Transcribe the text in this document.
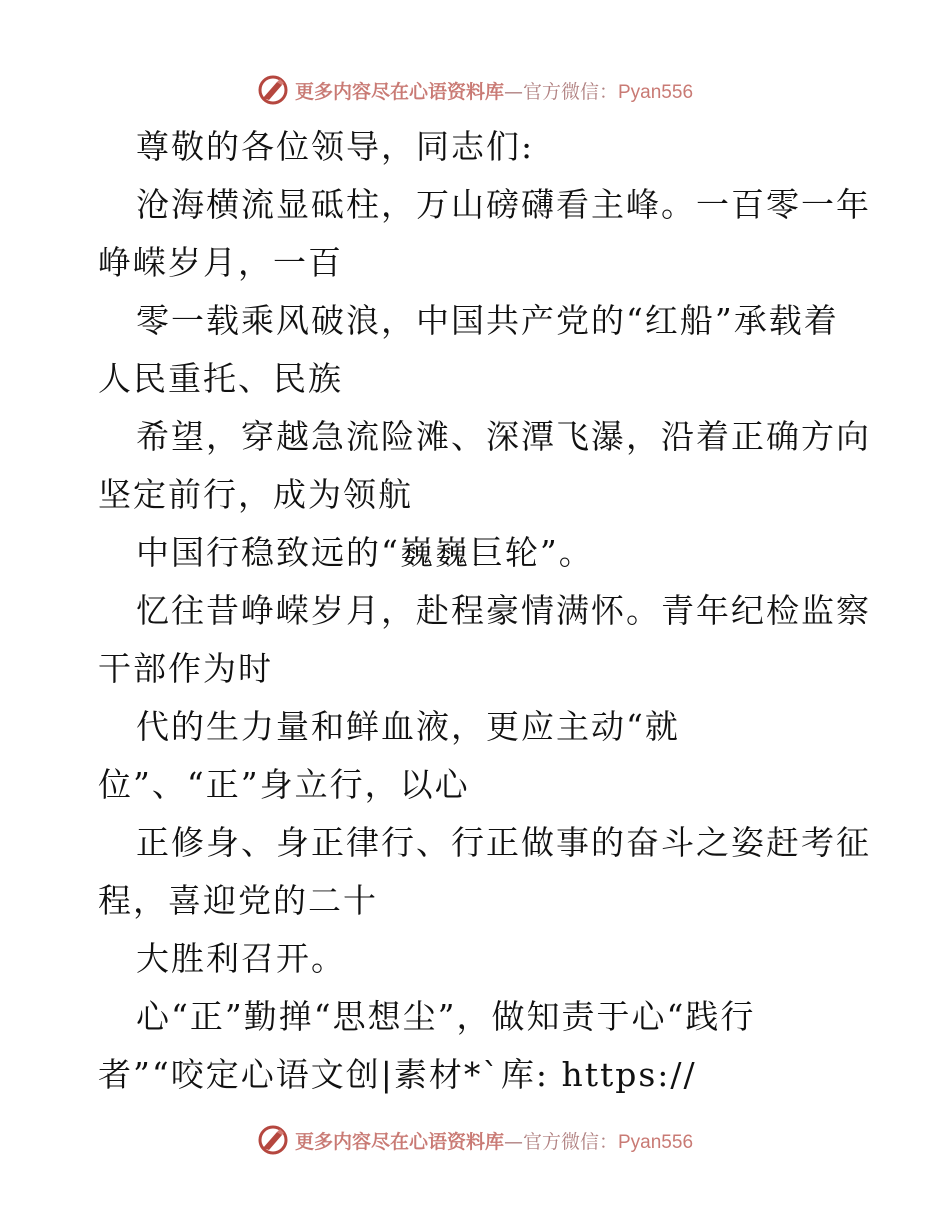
更多内容尽在心语资料库—官方微信：Pyan556
尊敬的各位领导，同志们:
沧海横流显砥柱，万山磅礴看主峰。一百零一年
峥嵘岁月，一百
零一载乘风破浪，中国共产党的“红船”承载着
人民重托、民族
希望，穿越急流险滩、深潭飞瀑，沿着正确方向
坚定前行，成为领航
中国行稳致远的“巍巍巨轮”。
忆往昔峥嵘岁月，赴程豪情满怀。青年纪检监察
干部作为时
代的生力量和鲜血液，更应主动“就
位”、“正”身立行，以心
正修身、身正律行、行正做事的奋斗之姿赶考征
程，喜迎党的二十
大胜利召开。
心“正”勤掸“思想尘”，做知责于心“践行
者”“咬定心语文创|素材*`库: https://
更多内容尽在心语资料库—官方微信：Pyan556
